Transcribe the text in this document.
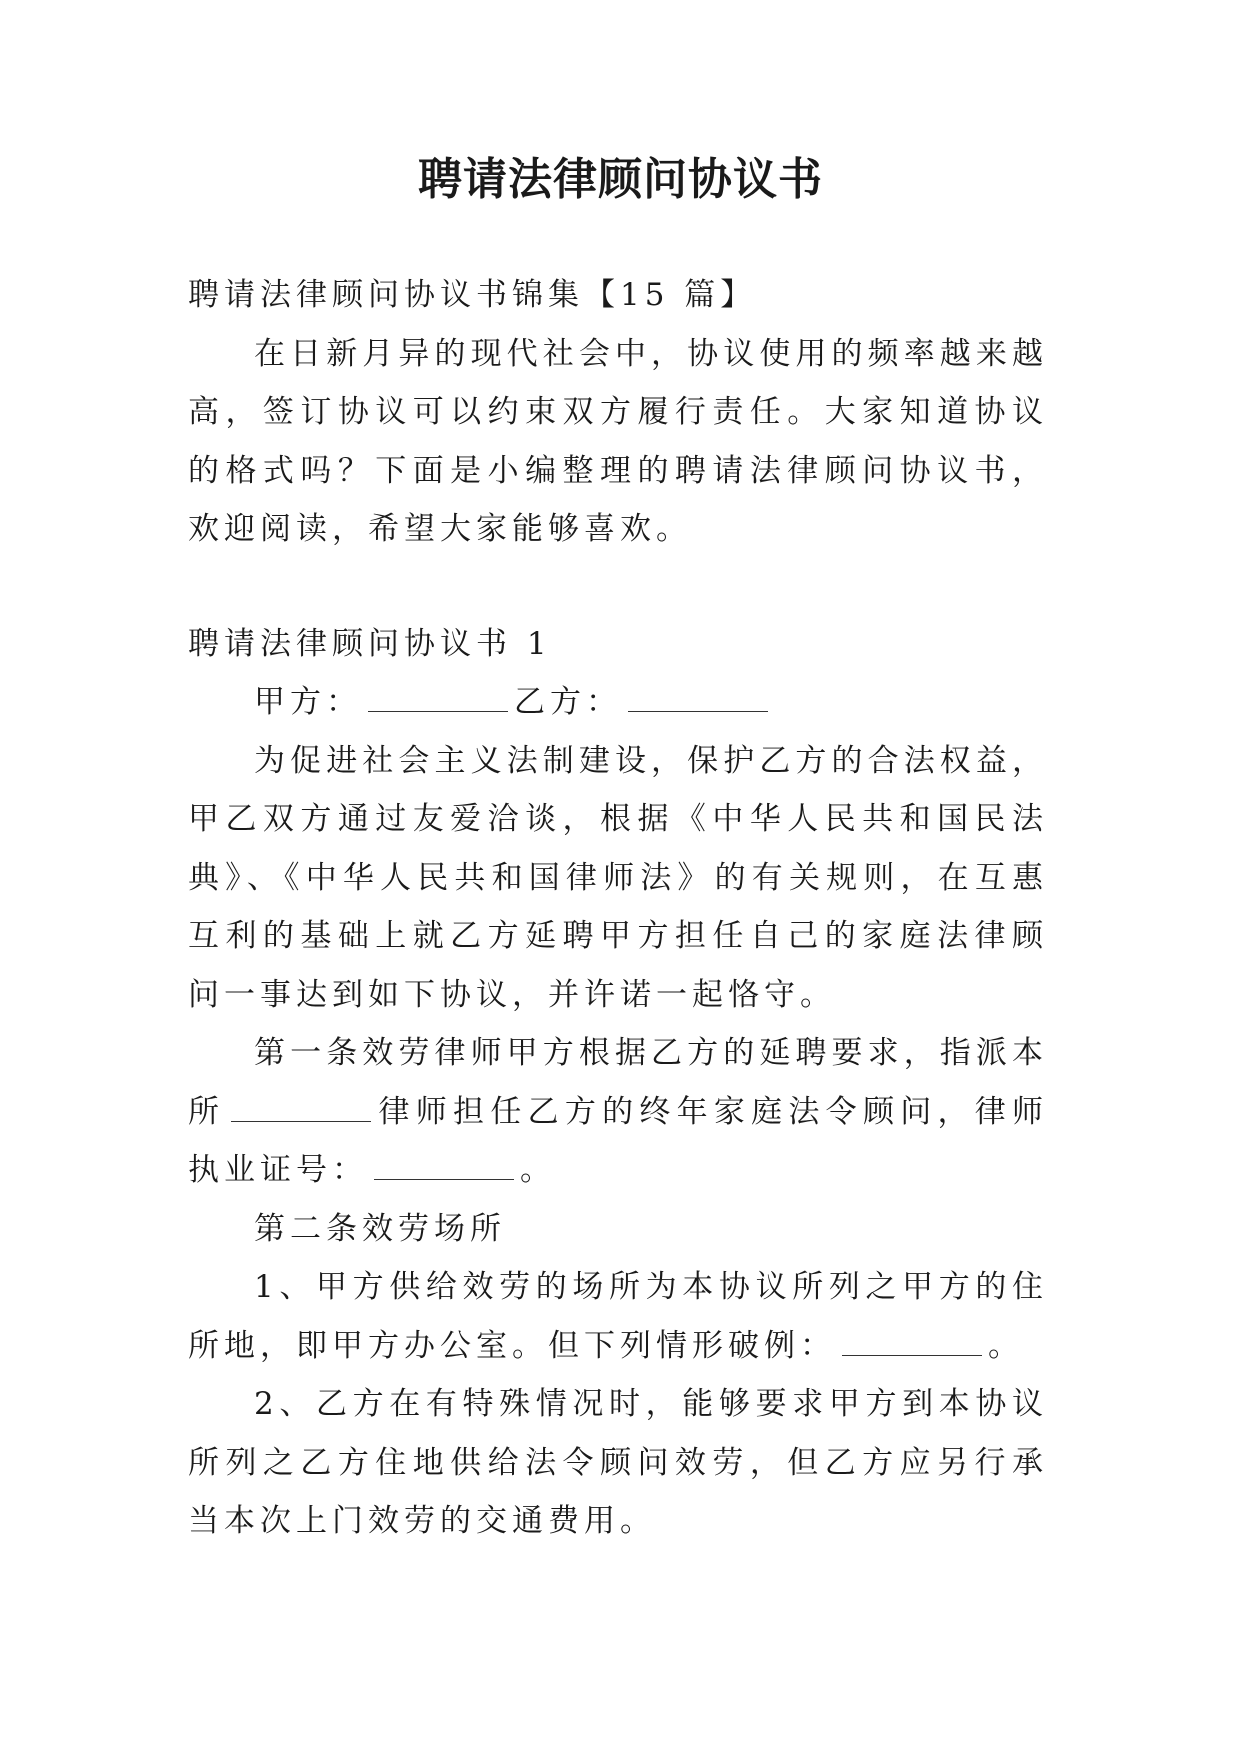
聘请法律顾问协议书

聘请法律顾问协议书锦集【15 篇】

在日新月异的现代社会中，协议使用的频率越来越高，签订协议可以约束双方履行责任。大家知道协议的格式吗？下面是小编整理的聘请法律顾问协议书，欢迎阅读，希望大家能够喜欢。

聘请法律顾问协议书 1

甲方：	乙方：

为促进社会主义法制建设，保护乙方的合法权益，甲乙双方通过友爱洽谈，根据《中华人民共和国民法典》、《中华人民共和国律师法》的有关规则，在互惠互利的基础上就乙方延聘甲方担任自己的家庭法律顾问一事达到如下协议，并许诺一起恪守。

第一条效劳律师甲方根据乙方的延聘要求，指派本所	律师担任乙方的终年家庭法令顾问，律师执业证号：	。

第二条效劳场所

1、甲方供给效劳的场所为本协议所列之甲方的住所地，即甲方办公室。但下列情形破例：	。

2、乙方在有特殊情况时，能够要求甲方到本协议所列之乙方住地供给法令顾问效劳，但乙方应另行承当本次上门效劳的交通费用。
